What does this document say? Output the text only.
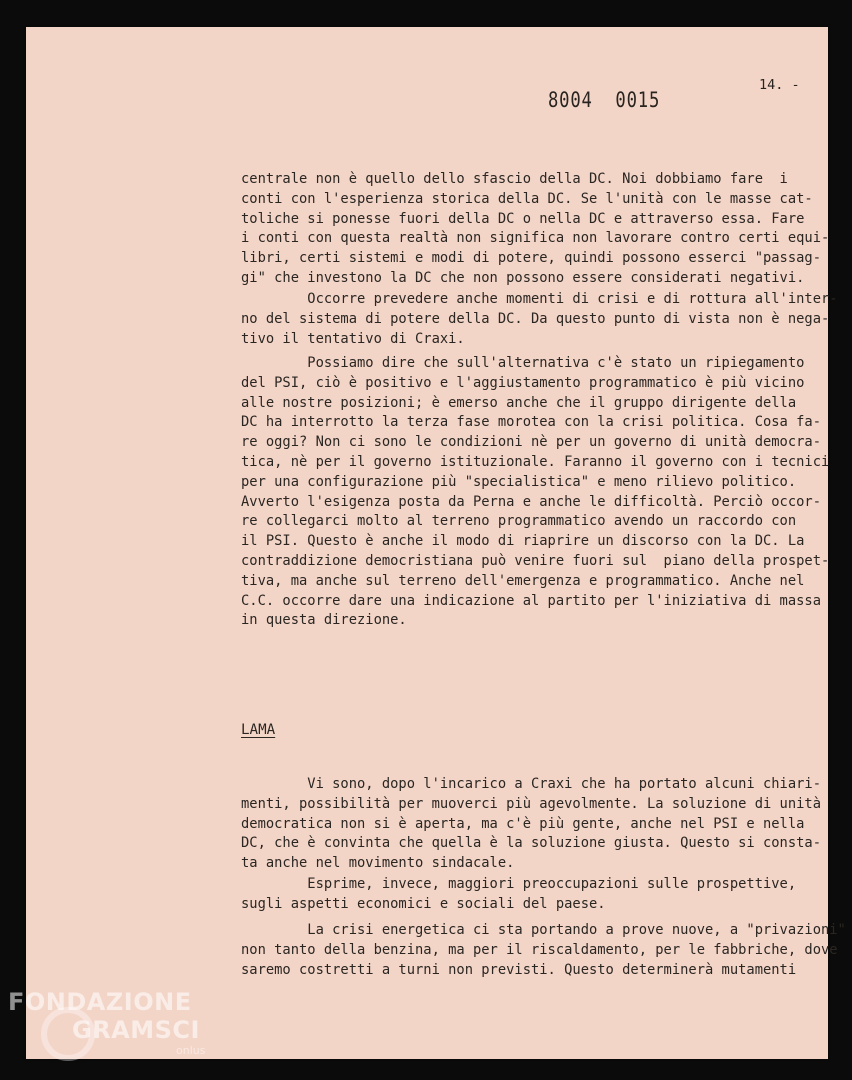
8004 0015
14. -
centrale non è quello dello sfascio della DC. Noi dobbiamo fare  i
conti con l'esperienza storica della DC. Se l'unità con le masse cat-
toliche si ponesse fuori della DC o nella DC e attraverso essa. Fare
i conti con questa realtà non significa non lavorare contro certi equi-
libri, certi sistemi e modi di potere, quindi possono esserci "passag-
gi" che investono la DC che non possono essere considerati negativi.
Occorre prevedere anche momenti di crisi e di rottura all'inter-
no del sistema di potere della DC. Da questo punto di vista non è nega-
tivo il tentativo di Craxi.
Possiamo dire che sull'alternativa c'è stato un ripiegamento
del PSI, ciò è positivo e l'aggiustamento programmatico è più vicino
alle nostre posizioni; è emerso anche che il gruppo dirigente della
DC ha interrotto la terza fase morotea con la crisi politica. Cosa fa-
re oggi? Non ci sono le condizioni nè per un governo di unità democra-
tica, nè per il governo istituzionale. Faranno il governo con i tecnici
per una configurazione più "specialistica" e meno rilievo politico.
Avverto l'esigenza posta da Perna e anche le difficoltà. Perciò occor-
re collegarci molto al terreno programmatico avendo un raccordo con
il PSI. Questo è anche il modo di riaprire un discorso con la DC. La
contraddizione democristiana può venire fuori sul  piano della prospet-
tiva, ma anche sul terreno dell'emergenza e programmatico. Anche nel
C.C. occorre dare una indicazione al partito per l'iniziativa di massa
in questa direzione.
Vi sono, dopo l'incarico a Craxi che ha portato alcuni chiari-
menti, possibilità per muoverci più agevolmente. La soluzione di unità
democratica non si è aperta, ma c'è più gente, anche nel PSI e nella
DC, che è convinta che quella è la soluzione giusta. Questo si consta-
ta anche nel movimento sindacale.
Esprime, invece, maggiori preoccupazioni sulle prospettive,
sugli aspetti economici e sociali del paese.
La crisi energetica ci sta portando a prove nuove, a "privazioni"
non tanto della benzina, ma per il riscaldamento, per le fabbriche, dove
saremo costretti a turni non previsti. Questo determinerà mutamenti
LAMA
FONDAZIONE
GRAMSCI
onlus
